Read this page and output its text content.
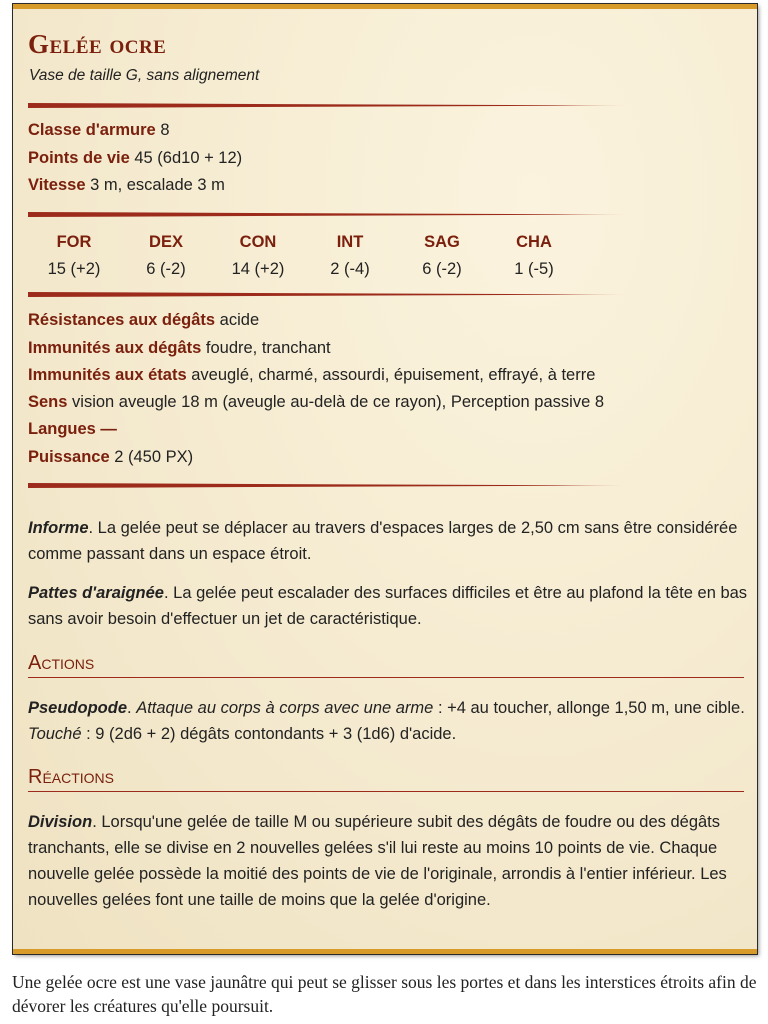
Gelée ocre
Vase de taille G, sans alignement
Classe d'armure 8
Points de vie 45 (6d10 + 12)
Vitesse 3 m, escalade 3 m
FOR
15 (+2)
DEX
6 (-2)
CON
14 (+2)
INT
2 (-4)
SAG
6 (-2)
CHA
1 (-5)
Résistances aux dégâts acide
Immunités aux dégâts foudre, tranchant
Immunités aux états aveuglé, charmé, assourdi, épuisement, effrayé, à terre
Sens vision aveugle 18 m (aveugle au-delà de ce rayon), Perception passive 8
Langues —
Puissance 2 (450 PX)
Informe. La gelée peut se déplacer au travers d'espaces larges de 2,50 cm sans être considérée comme passant dans un espace étroit.
Pattes d'araignée. La gelée peut escalader des surfaces difficiles et être au plafond la tête en bas sans avoir besoin d'effectuer un jet de caractéristique.
Actions
Pseudopode. Attaque au corps à corps avec une arme : +4 au toucher, allonge 1,50 m, une cible. Touché : 9 (2d6 + 2) dégâts contondants + 3 (1d6) d'acide.
Réactions
Division. Lorsqu'une gelée de taille M ou supérieure subit des dégâts de foudre ou des dégâts tranchants, elle se divise en 2 nouvelles gelées s'il lui reste au moins 10 points de vie. Chaque nouvelle gelée possède la moitié des points de vie de l'originale, arrondis à l'entier inférieur. Les nouvelles gelées font une taille de moins que la gelée d'origine.
Une gelée ocre est une vase jaunâtre qui peut se glisser sous les portes et dans les interstices étroits afin de dévorer les créatures qu'elle poursuit.
